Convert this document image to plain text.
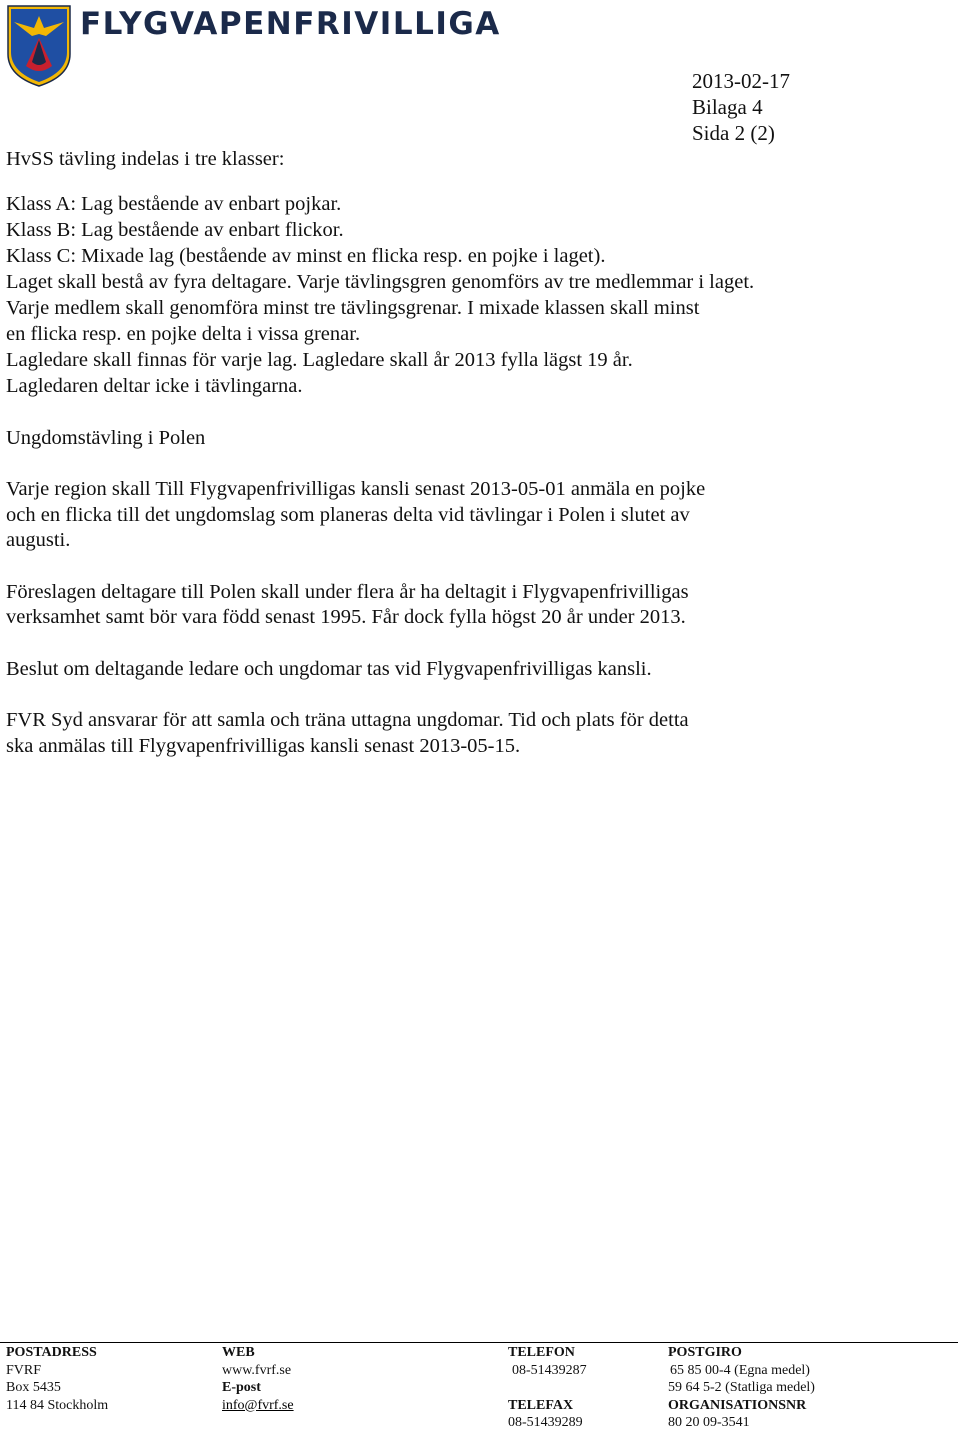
FLYGVAPENFRIVILLIGA
2013-02-17
Bilaga 4
Sida 2 (2)

HvSS tävling indelas i tre klasser:

Klass A: Lag bestående av enbart pojkar.

Klass B: Lag bestående av enbart flickor.

Klass C: Mixade lag (bestående av minst en flicka resp. en pojke i laget).

Laget skall bestå av fyra deltagare. Varje tävlingsgren genomförs av tre medlemmar i laget.

Varje medlem skall genomföra minst tre tävlingsgrenar. I mixade klassen skall minst

en flicka resp. en pojke delta i vissa grenar.

Lagledare skall finnas för varje lag. Lagledare skall år 2013 fylla lägst 19 år.

Lagledaren deltar icke i tävlingarna.

Ungdomstävling i Polen

Varje region skall Till Flygvapenfrivilligas kansli senast 2013-05-01 anmäla en pojke

och en flicka till det ungdomslag som planeras delta vid tävlingar i Polen i slutet av

augusti.

Föreslagen deltagare till Polen skall under flera år ha deltagit i Flygvapenfrivilligas

verksamhet samt bör vara född senast 1995. Får dock fylla högst 20 år under 2013.

Beslut om deltagande ledare och ungdomar tas vid Flygvapenfrivilligas kansli.

FVR Syd ansvarar för att samla och träna uttagna ungdomar. Tid och plats för detta

ska anmälas till Flygvapenfrivilligas kansli senast 2013-05-15.

POSTADRESS
FVRF
Box 5435
114 84 Stockholm
WEB
www.fvrf.se
E-post
info@fvrf.se
TELEFON
08-51439287
TELEFAX
08-51439289
POSTGIRO
65 85 00-4 (Egna medel)
59 64 5-2 (Statliga medel)
ORGANISATIONSNR
80 20 09-3541
